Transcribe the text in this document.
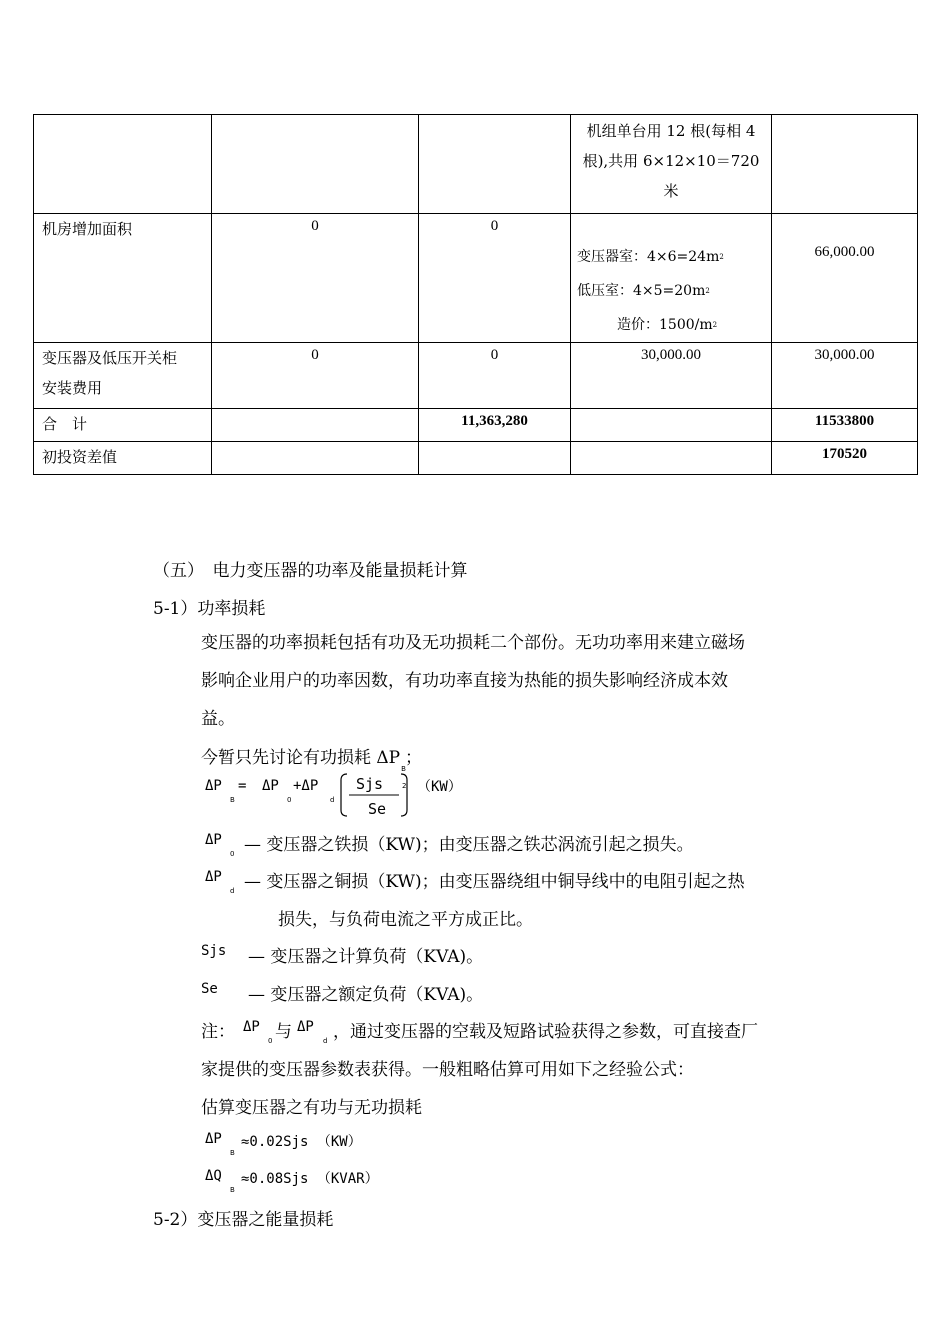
			机组单台用 12 根(每相 4
根),共用 6×12×10＝720
米	

机房增加面积	0	0	变压器室：$4\times 6=24m^2$
低压室：$4\times 5=20m^2$
造价：$1500/m^2$	66,000.00

变压器及低压开关柜
安装费用	0	0	30,000.00	30,000.00
合　计		11,363,280		11533800
初投资差值				170520
（五）　电力变压器的功率及能量损耗计算
5-1）功率损耗
变压器的功率损耗包括有功及无功损耗二个部份。无功功率用来建立磁场
影响企业用户的功率因数，有功功率直接为热能的损失影响经济成本效
益。
今暂只先讨论有功损耗 $\Delta P_B$；
ΔP
B
= ΔP
0
+ΔP
d
Sjs
Se
2 （KW）
ΔP
0 — 变压器之铁损（KW)；由变压器之铁芯涡流引起之损失。
ΔP
d — 变压器之铜损（KW)；由变压器绕组中铜导线中的电阻引起之热
损失，与负荷电流之平方成正比。
Sjs — 变压器之计算负荷（KVA)。
Se — 变压器之额定负荷（KVA)。
注： ΔP
0 与 ΔP
d ，通过变压器的空载及短路试验获得之参数，可直接查厂
家提供的变压器参数表获得。一般粗略估算可用如下之经验公式：
估算变压器之有功与无功损耗
ΔP
B
≈0.02Sjs （KW）
ΔQ
B
≈0.08Sjs （KVAR）
5-2）变压器之能量损耗
